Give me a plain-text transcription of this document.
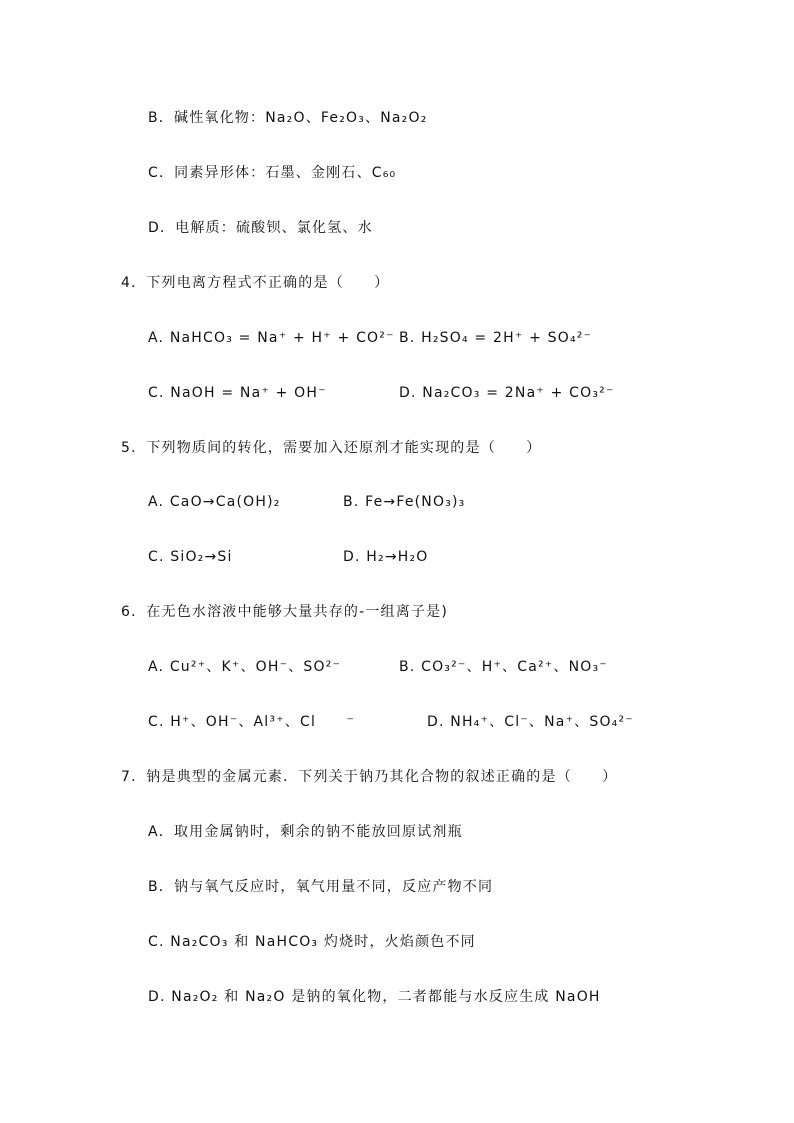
B．碱性氧化物：Na₂O、Fe₂O₃、Na₂O₂
C．同素异形体：石墨、金刚石、C₆₀
D．电解质：硫酸钡、氯化氢、水
4．下列电离方程式不正确的是（　　）
A. NaHCO₃ = Na⁺ + H⁺ + CO²⁻ B. H₂SO₄ = 2H⁺ + SO₄²⁻
C. NaOH = Na⁺ + OH⁻	D. Na₂CO₃ = 2Na⁺ + CO₃²⁻
5．下列物质间的转化，需要加入还原剂才能实现的是（　　）
A. CaO→Ca(OH)₂	B. Fe→Fe(NO₃)₃
C. SiO₂→Si	D. H₂→H₂O
6．在无色水溶液中能够大量共存的-一组离子是)
A. Cu²⁺、K⁺、OH⁻、SO²⁻	B. CO₃²⁻、H⁺、Ca²⁺、NO₃⁻
C. H⁺、OH⁻、Al³⁺、Cl　　⁻	D. NH₄⁺、Cl⁻、Na⁺、SO₄²⁻
7．钠是典型的金属元素．下列关于钠乃其化合物的叙述正确的是（　　）
A．取用金属钠时，剩余的钠不能放回原试剂瓶
B．钠与氧气反应时，氧气用量不同，反应产物不同
C. Na₂CO₃ 和 NaHCO₃ 灼烧时，火焰颜色不同
D. Na₂O₂ 和 Na₂O 是钠的氧化物，二者都能与水反应生成 NaOH
